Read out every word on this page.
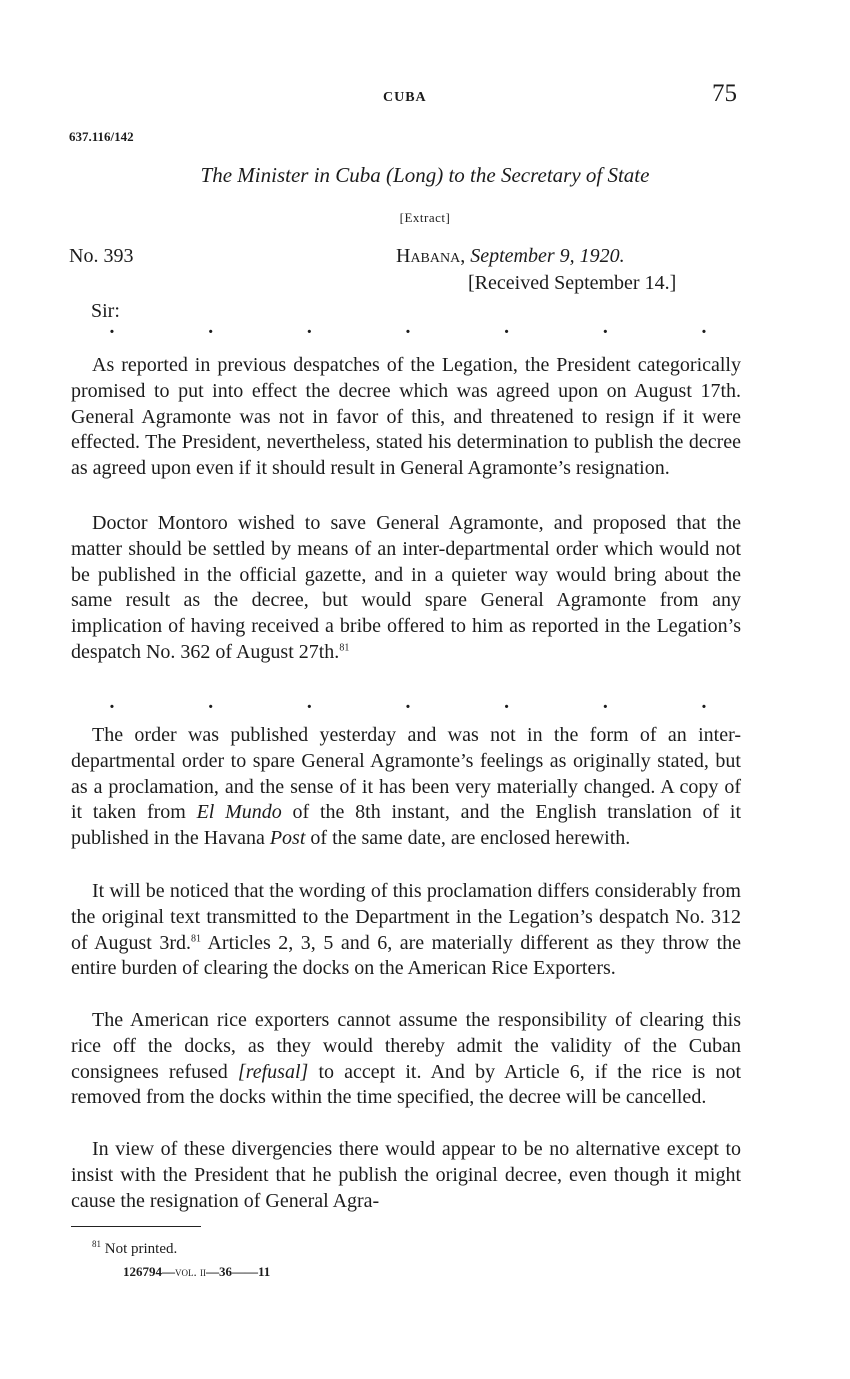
CUBA	75
637.116/142
The Minister in Cuba (Long) to the Secretary of State
[Extract]
No. 393	Habana, September 9, 1920.
[Received September 14.]
Sir:
·	·	·	·	·	·	·

As reported in previous despatches of the Legation, the President categorically promised to put into effect the decree which was agreed upon on August 17th. General Agramonte was not in favor of this, and threatened to resign if it were effected. The President, nevertheless, stated his determination to publish the decree as agreed upon even if it should result in General Agramonte’s resignation.

Doctor Montoro wished to save General Agramonte, and proposed that the matter should be settled by means of an inter-departmental order which would not be published in the official gazette, and in a quieter way would bring about the same result as the decree, but would spare General Agramonte from any implication of having received a bribe offered to him as reported in the Legation’s despatch No. 362 of August 27th.$^{81}$

·	·	·	·	·	·	·

The order was published yesterday and was not in the form of an inter-departmental order to spare General Agramonte’s feelings as originally stated, but as a proclamation, and the sense of it has been very materially changed. A copy of it taken from El Mundo of the 8th instant, and the English translation of it published in the Havana Post of the same date, are enclosed herewith.

It will be noticed that the wording of this proclamation differs considerably from the original text transmitted to the Department in the Legation’s despatch No. 312 of August 3rd.$^{81}$ Articles 2, 3, 5 and 6, are materially different as they throw the entire burden of clearing the docks on the American Rice Exporters.

The American rice exporters cannot assume the responsibility of clearing this rice off the docks, as they would thereby admit the validity of the Cuban consignees refused [refusal] to accept it. And by Article 6, if the rice is not removed from the docks within the time specified, the decree will be cancelled.

In view of these divergencies there would appear to be no alternative except to insist with the President that he publish the original decree, even though it might cause the resignation of General Agra-

$^{81}$ Not printed.
126794—vol. ii—36——11
